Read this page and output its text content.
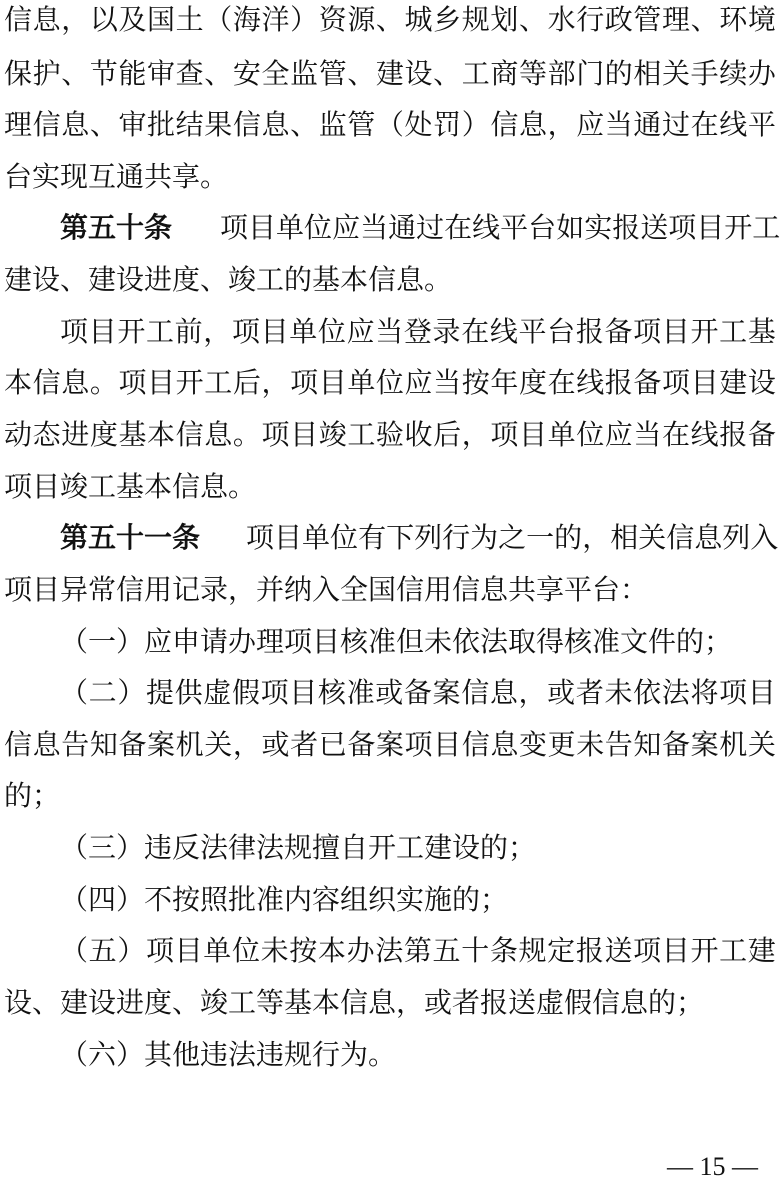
信 息 ， 以 及 国 土 （ 海 洋 ） 资 源 、 城 乡 规 划 、 水 行 政 管 理 、 环 境
保 护 、 节 能 审 查 、 安 全 监 管 、 建 设 、 工 商 等 部 门 的 相 关 手 续 办
理 信 息 、 审 批 结 果 信 息 、 监 管 （ 处 罚 ） 信 息 ， 应 当 通 过 在 线 平
台实现互通共享。
第五十条 项 目 单 位 应 当 通 过 在 线 平 台 如 实 报 送 项 目 开 工
建设、建设进度、竣工的基本信息。
项 目 开 工 前 ， 项 目 单 位 应 当 登 录 在 线 平 台 报 备 项 目 开 工 基
本 信 息 。 项 目 开 工 后 ， 项 目 单 位 应 当 按 年 度 在 线 报 备 项 目 建 设
动 态 进 度 基 本 信 息 。 项 目 竣 工 验 收 后 ， 项 目 单 位 应 当 在 线 报 备
项目竣工基本信息。
第五十一条 项 目 单 位 有 下 列 行 为 之 一 的 ， 相 关 信 息 列 入
项目异常信用记录，并纳入全国信用信息共享平台：
（一）应申请办理项目核准但未依法取得核准文件的；
（ 二 ） 提 供 虚 假 项 目 核 准 或 备 案 信 息 ， 或 者 未 依 法 将 项 目
信 息 告 知 备 案 机 关 ， 或 者 已 备 案 项 目 信 息 变 更 未 告 知 备 案 机 关
的；
（三）违反法律法规擅自开工建设的；
（四）不按照批准内容组织实施的；
（ 五 ） 项 目 单 位 未 按 本 办 法 第 五 十 条 规 定 报 送 项 目 开 工 建
设、建设进度、竣工等基本信息，或者报送虚假信息的；
（六）其他违法违规行为。
— 15 —
